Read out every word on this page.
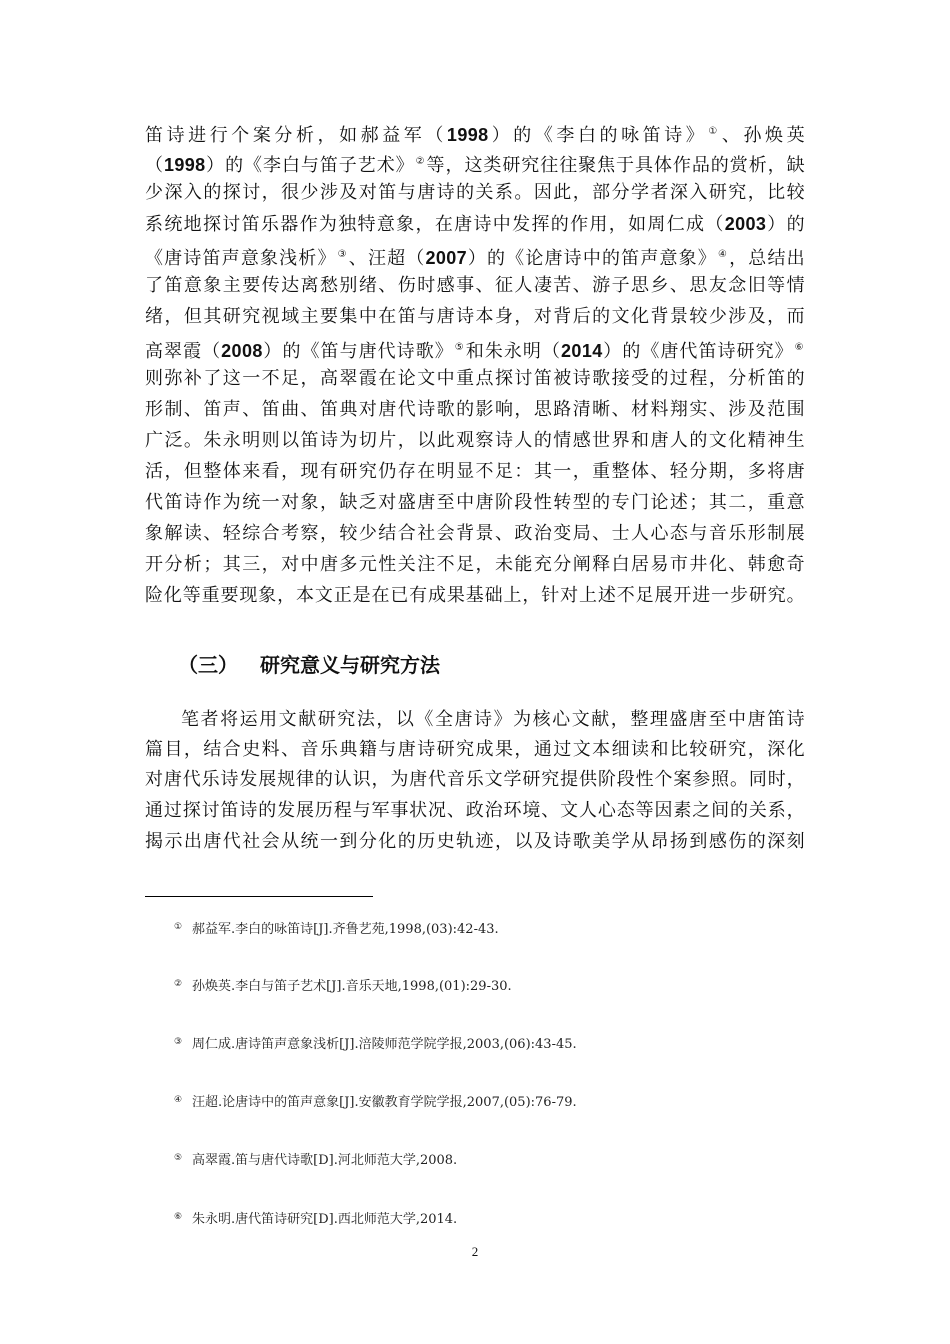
笛诗进行个案分析，如郝益军（1998）的《李白的咏笛诗》①、孙焕英
（1998）的《李白与笛子艺术》②等，这类研究往往聚焦于具体作品的赏析，缺
少深入的探讨，很少涉及对笛与唐诗的关系。因此，部分学者深入研究，比较
系统地探讨笛乐器作为独特意象，在唐诗中发挥的作用，如周仁成（2003）的
《唐诗笛声意象浅析》③、汪超（2007）的《论唐诗中的笛声意象》④，总结出
了笛意象主要传达离愁别绪、伤时感事、征人凄苦、游子思乡、思友念旧等情
绪，但其研究视域主要集中在笛与唐诗本身，对背后的文化背景较少涉及，而
高翠霞（2008）的《笛与唐代诗歌》⑤和朱永明（2014）的《唐代笛诗研究》⑥
则弥补了这一不足，高翠霞在论文中重点探讨笛被诗歌接受的过程，分析笛的
形制、笛声、笛曲、笛典对唐代诗歌的影响，思路清晰、材料翔实、涉及范围
广泛。朱永明则以笛诗为切片，以此观察诗人的情感世界和唐人的文化精神生
活，但整体来看，现有研究仍存在明显不足：其一，重整体、轻分期，多将唐
代笛诗作为统一对象，缺乏对盛唐至中唐阶段性转型的专门论述；其二，重意
象解读、轻综合考察，较少结合社会背景、政治变局、士人心态与音乐形制展
开分析；其三，对中唐多元性关注不足，未能充分阐释白居易市井化、韩愈奇
险化等重要现象，本文正是在已有成果基础上，针对上述不足展开进一步研究。
（三） 研究意义与研究方法
笔者将运用文献研究法，以《全唐诗》为核心文献，整理盛唐至中唐笛诗
篇目，结合史料、音乐典籍与唐诗研究成果，通过文本细读和比较研究，深化
对唐代乐诗发展规律的认识，为唐代音乐文学研究提供阶段性个案参照。同时，
通过探讨笛诗的发展历程与军事状况、政治环境、文人心态等因素之间的关系，
揭示出唐代社会从统一到分化的历史轨迹，以及诗歌美学从昂扬到感伤的深刻
① 郝益军.李白的咏笛诗[J].齐鲁艺苑,1998,(03):42-43.
② 孙焕英.李白与笛子艺术[J].音乐天地,1998,(01):29-30.
③ 周仁成.唐诗笛声意象浅析[J].涪陵师范学院学报,2003,(06):43-45.
④ 汪超.论唐诗中的笛声意象[J].安徽教育学院学报,2007,(05):76-79.
⑤ 高翠霞.笛与唐代诗歌[D].河北师范大学,2008.
⑥ 朱永明.唐代笛诗研究[D].西北师范大学,2014.
2
